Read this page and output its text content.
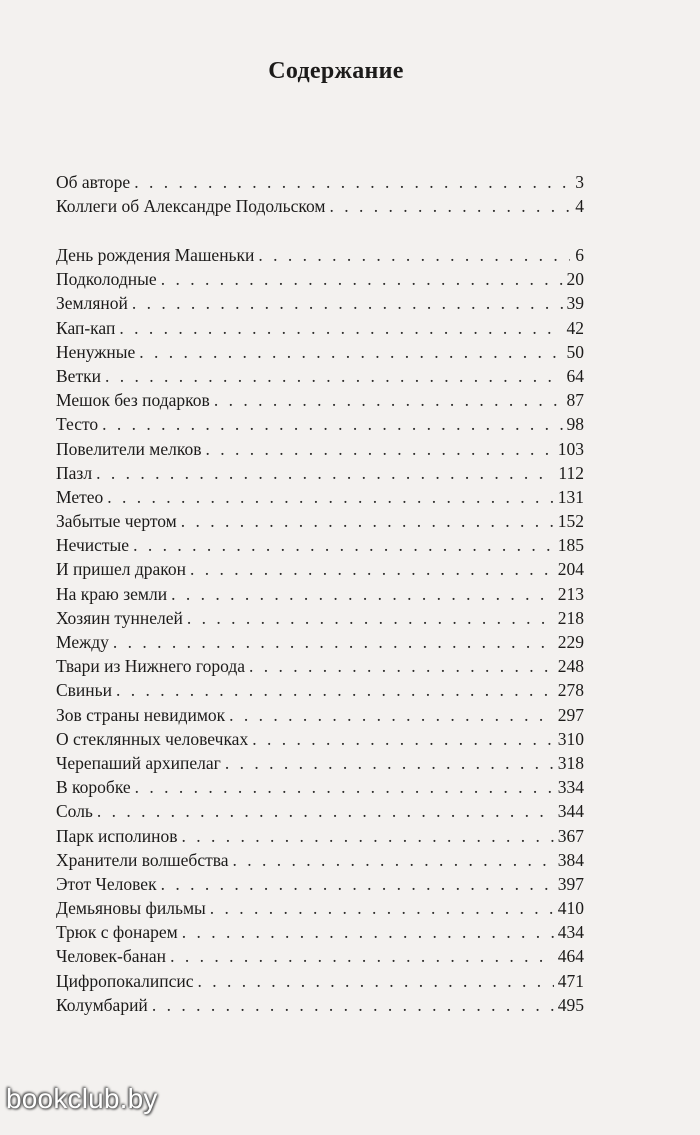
Содержание
Об авторе . . .	3
Коллеги об Александре Подольском . . .	4
День рождения Машеньки . . .	6
Подколодные . . .	20
Земляной . . .	39
Кап-кап . . .	42
Ненужные . . .	50
Ветки . . .	64
Мешок без подарков . . .	87
Тесто . . .	98
Повелители мелков . . .	103
Пазл . . .	112
Метео . . .	131
Забытые чертом . . .	152
Нечистые . . .	185
И пришел дракон . . .	204
На краю земли . . .	213
Хозяин туннелей . . .	218
Между . . .	229
Твари из Нижнего города . . .	248
Свиньи . . .	278
Зов страны невидимок . . .	297
О стеклянных человечках . . .	310
Черепаший архипелаг . . .	318
В коробке . . .	334
Соль . . .	344
Парк исполинов . . .	367
Хранители волшебства . . .	384
Этот Человек . . .	397
Демьяновы фильмы . . .	410
Трюк с фонарем . . .	434
Человек-банан . . .	464
Цифропокалипсис . . .	471
Колумбарий . . .	495
bookclub.by
